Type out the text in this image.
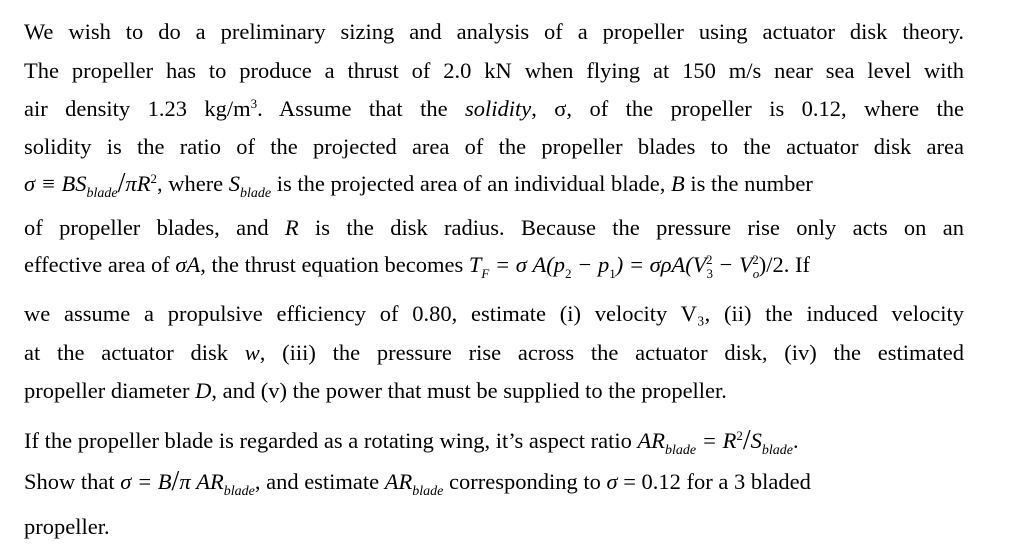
We wish to do a preliminary sizing and analysis of a propeller using actuator disk theory.
The propeller has to produce a thrust of 2.0 kN when flying at 150 m/s near sea level with
air density 1.23 $kg/m^3$. Assume that the solidity, σ, of the propeller is 0.12, where the
solidity is the ratio of the projected area of the propeller blades to the actuator disk area
$\sigma \equiv BS_{blade}/\pi R^2$, where $S_{blade}$ is the projected area of an individual blade, B is the number
of propeller blades, and R is the disk radius. Because the pressure rise only acts on an
effective area of σA, the thrust equation becomes $T_F = \sigma$ $A(p_2 - p_1) = \sigma\rho A(V_3^2 - V_o^2)/2$. If
we assume a propulsive efficiency of 0.80, estimate (i) velocity V₃, (ii) the induced velocity
at the actuator disk w, (iii) the pressure rise across the actuator disk, (iv) the estimated
propeller diameter D, and (v) the power that must be supplied to the propeller.
If the propeller blade is regarded as a rotating wing, it’s aspect ratio $AR_{blade} = R^2/S_{blade}$.
Show that σ = B/π $AR_{blade}$, and estimate $AR_{blade}$ corresponding to σ = 0.12 for a 3 bladed
propeller.
